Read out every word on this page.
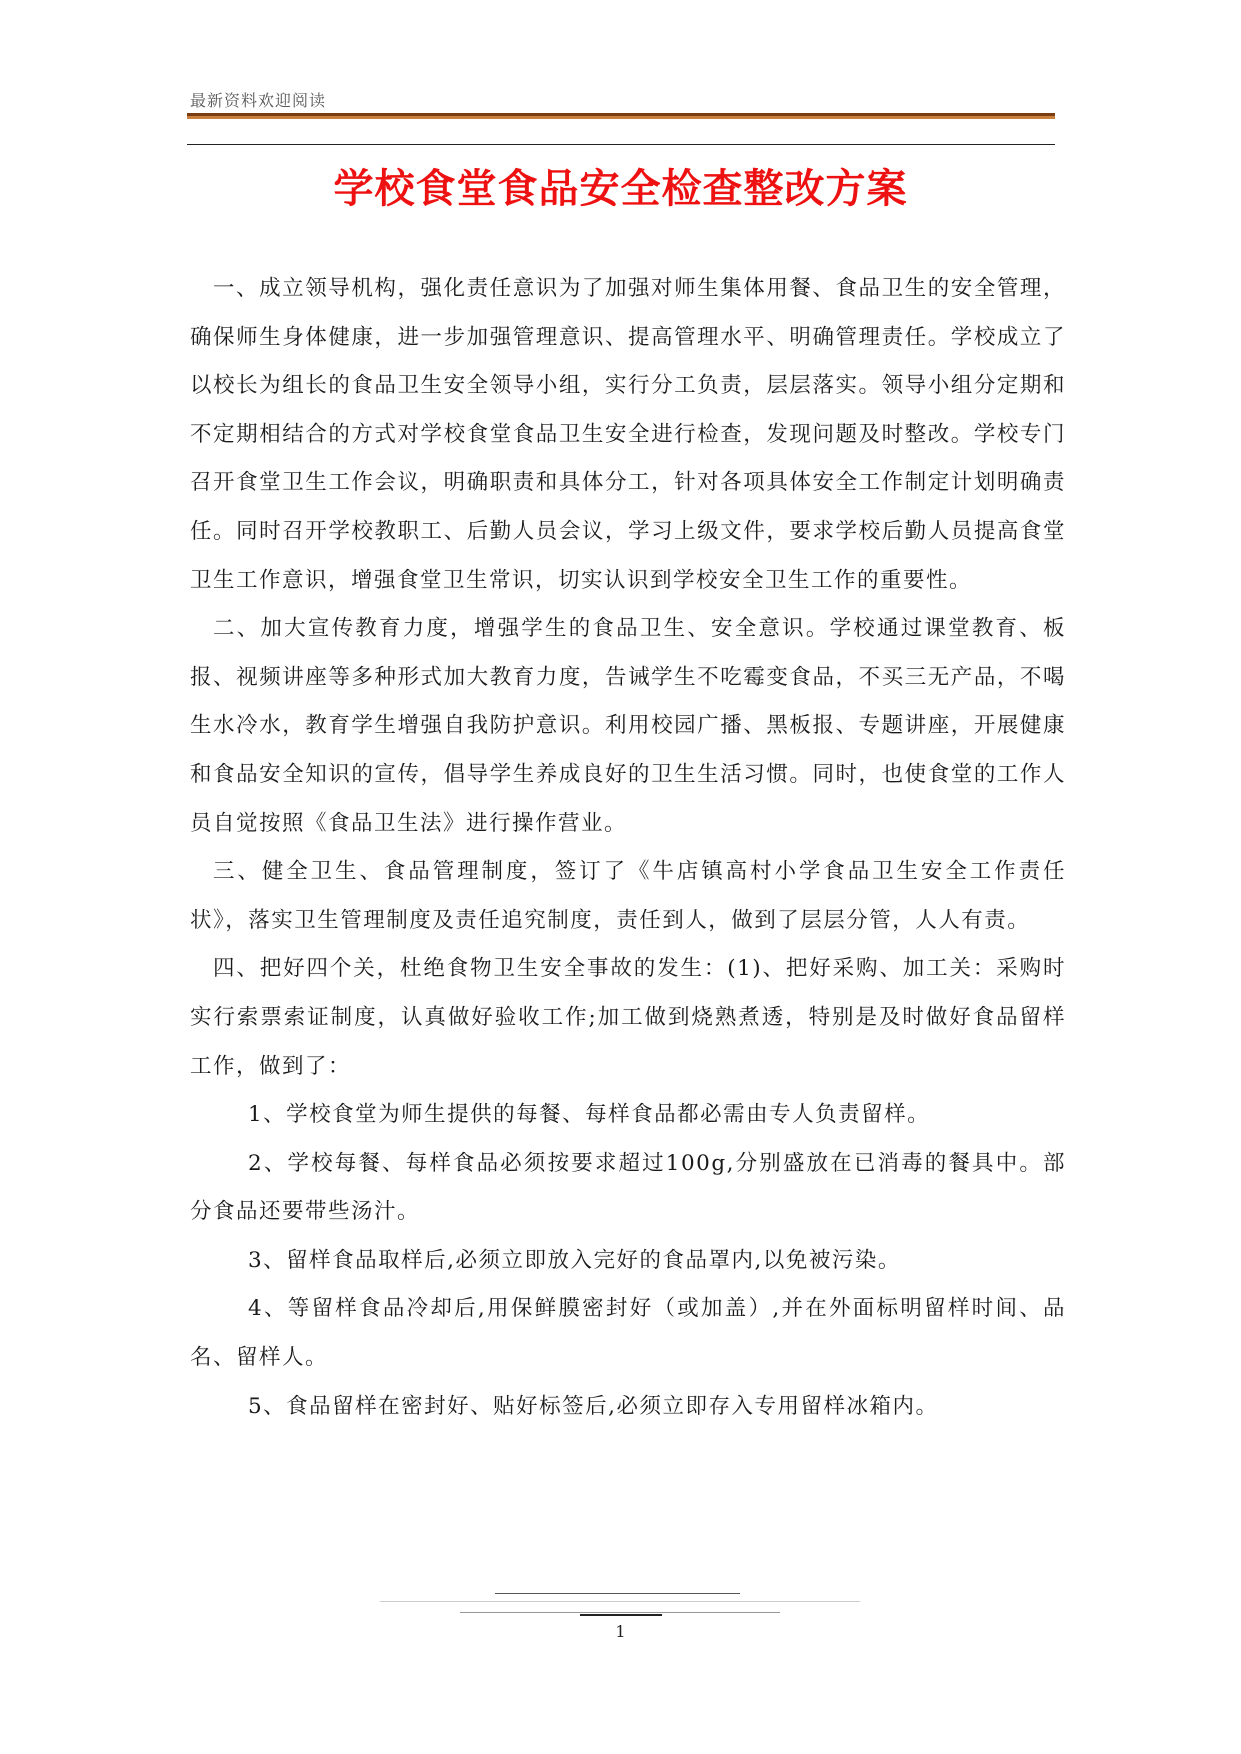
最新资料欢迎阅读
学校食堂食品安全检查整改方案

一、成立领导机构，强化责任意识为了加强对师生集体用餐、食品卫生的安全管理，确保师生身体健康，进一步加强管理意识、提高管理水平、明确管理责任。学校成立了以校长为组长的食品卫生安全领导小组，实行分工负责，层层落实。领导小组分定期和不定期相结合的方式对学校食堂食品卫生安全进行检查，发现问题及时整改。学校专门召开食堂卫生工作会议，明确职责和具体分工，针对各项具体安全工作制定计划明确责任。同时召开学校教职工、后勤人员会议，学习上级文件，要求学校后勤人员提高食堂卫生工作意识，增强食堂卫生常识，切实认识到学校安全卫生工作的重要性。

二、加大宣传教育力度，增强学生的食品卫生、安全意识。学校通过课堂教育、板报、视频讲座等多种形式加大教育力度，告诫学生不吃霉变食品，不买三无产品，不喝生水冷水，教育学生增强自我防护意识。利用校园广播、黑板报、专题讲座，开展健康和食品安全知识的宣传，倡导学生养成良好的卫生生活习惯。同时，也使食堂的工作人员自觉按照《食品卫生法》进行操作营业。

三、健全卫生、食品管理制度，签订了《牛店镇高村小学食品卫生安全工作责任状》，落实卫生管理制度及责任追究制度，责任到人，做到了层层分管，人人有责。

四、把好四个关，杜绝食物卫生安全事故的发生：(1)、把好采购、加工关：采购时实行索票索证制度，认真做好验收工作;加工做到烧熟煮透，特别是及时做好食品留样工作，做到了：

1、学校食堂为师生提供的每餐、每样食品都必需由专人负责留样。

2、学校每餐、每样食品必须按要求超过100g,分别盛放在已消毒的餐具中。部分食品还要带些汤汁。

3、留样食品取样后,必须立即放入完好的食品罩内,以免被污染。

4、等留样食品冷却后,用保鲜膜密封好（或加盖）,并在外面标明留样时间、品名、留样人。

5、食品留样在密封好、贴好标签后,必须立即存入专用留样冰箱内。

1
